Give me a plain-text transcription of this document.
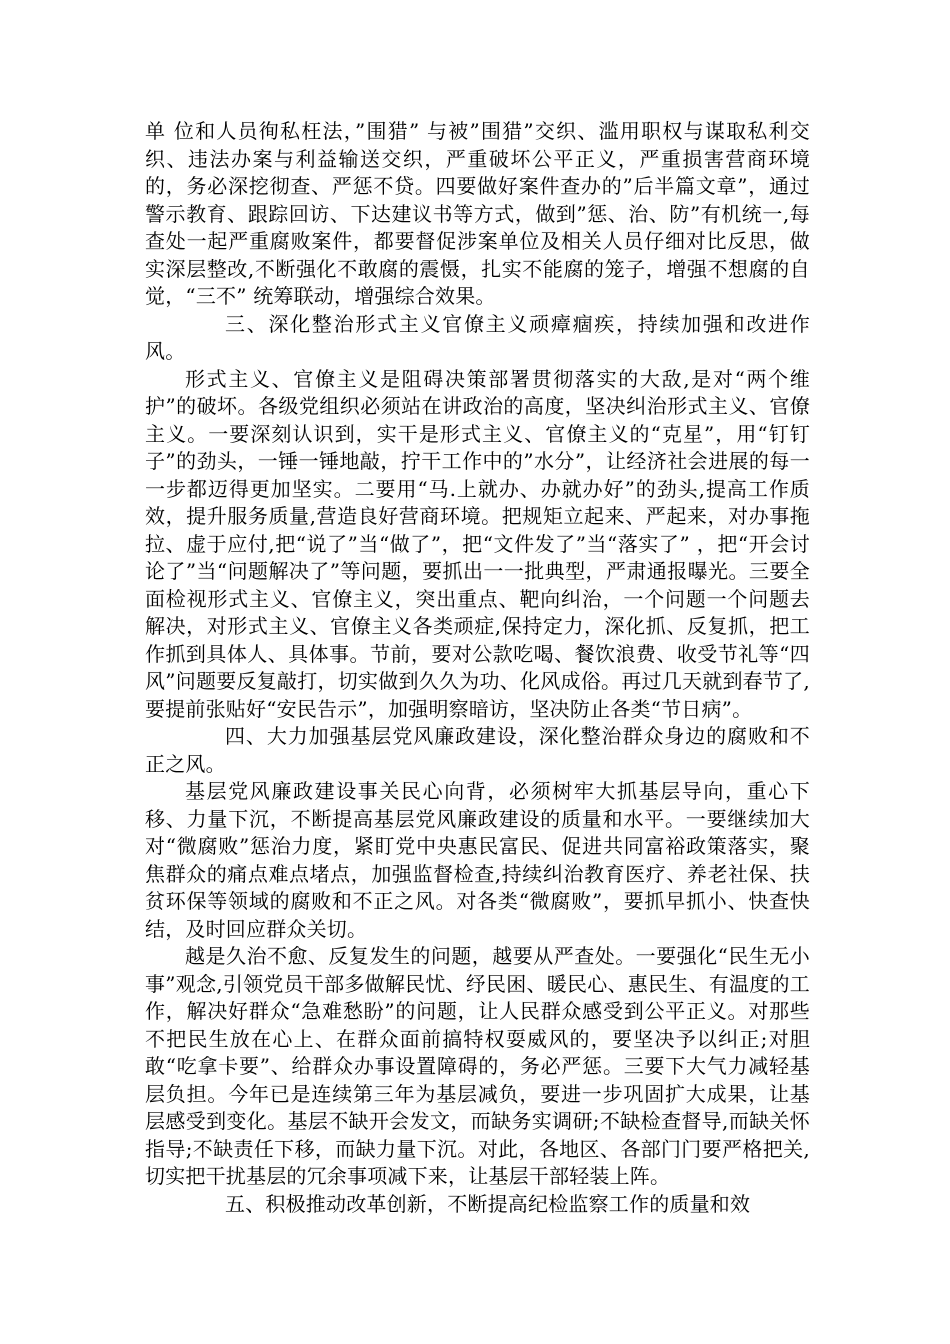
单 位和人员徇私枉法，”围猎” 与被”围猎”交织、滥用职权与谋取私利交织、违法办案与利益输送交织，严重破坏公平正义，严重损害营商环境的，务必深挖彻查、严惩不贷。四要做好案件查办的”后半篇文章”，通过警示教育、跟踪回访、下达建议书等方式，做到”惩、治、防”有机统一,每查处一起严重腐败案件，都要督促涉案单位及相关人员仔细对比反思，做实深层整改,不断强化不敢腐的震慑，扎实不能腐的笼子，增强不想腐的自觉，“三不” 统筹联动，增强综合效果。

三、深化整治形式主义官僚主义顽瘴痼疾，持续加强和改进作风。

形式主义、官僚主义是阻碍决策部署贯彻落实的大敌,是对“两个维护”的破坏。各级党组织必须站在讲政治的高度，坚决纠治形式主义、官僚主义。一要深刻认识到，实干是形式主义、官僚主义的“克星”，用“钉钉子”的劲头，一锤一锤地敲，拧干工作中的”水分”，让经济社会进展的每一一步都迈得更加坚实。二要用“马.上就办、办就办好”的劲头,提高工作质效，提升服务质量,营造良好营商环境。把规矩立起来、严起来，对办事拖拉、虚于应付,把“说了”当“做了”，把“文件发了”当“落实了” ，把“开会讨论了”当“问题解决了”等问题，要抓出一一批典型，严肃通报曝光。三要全面检视形式主义、官僚主义，突出重点、靶向纠治，一个问题一个问题去解决，对形式主义、官僚主义各类顽症,保持定力，深化抓、反复抓，把工作抓到具体人、具体事。节前，要对公款吃喝、餐饮浪费、收受节礼等“四风”问题要反复敲打，切实做到久久为功、化风成俗。再过几天就到春节了,要提前张贴好“安民告示”，加强明察暗访，坚决防止各类“节日病”。

四、大力加强基层党风廉政建设，深化整治群众身边的腐败和不正之风。

基层党风廉政建设事关民心向背，必须树牢大抓基层导向，重心下移、力量下沉，不断提高基层党风廉政建设的质量和水平。一要继续加大对“微腐败”惩治力度，紧盯党中央惠民富民、促进共同富裕政策落实，聚焦群众的痛点难点堵点，加强监督检查,持续纠治教育医疗、养老社保、扶贫环保等领域的腐败和不正之风。对各类“微腐败”，要抓早抓小、快查快结，及时回应群众关切。

越是久治不愈、反复发生的问题，越要从严查处。一要强化“民生无小事”观念,引领党员干部多做解民忧、纾民困、暖民心、惠民生、有温度的工作，解决好群众“急难愁盼”的问题，让人民群众感受到公平正义。对那些不把民生放在心上、在群众面前搞特权耍威风的，要坚决予以纠正;对胆敢“吃拿卡要”、给群众办事设置障碍的，务必严惩。三要下大气力减轻基层负担。今年已是连续第三年为基层减负，要进一步巩固扩大成果，让基层感受到变化。基层不缺开会发文，而缺务实调研;不缺检查督导,而缺关怀指导;不缺责任下移，而缺力量下沉。对此，各地区、各部门门要严格把关,切实把干扰基层的冗余事项减下来，让基层干部轻装上阵。

五、积极推动改革创新，不断提高纪检监察工作的质量和效
